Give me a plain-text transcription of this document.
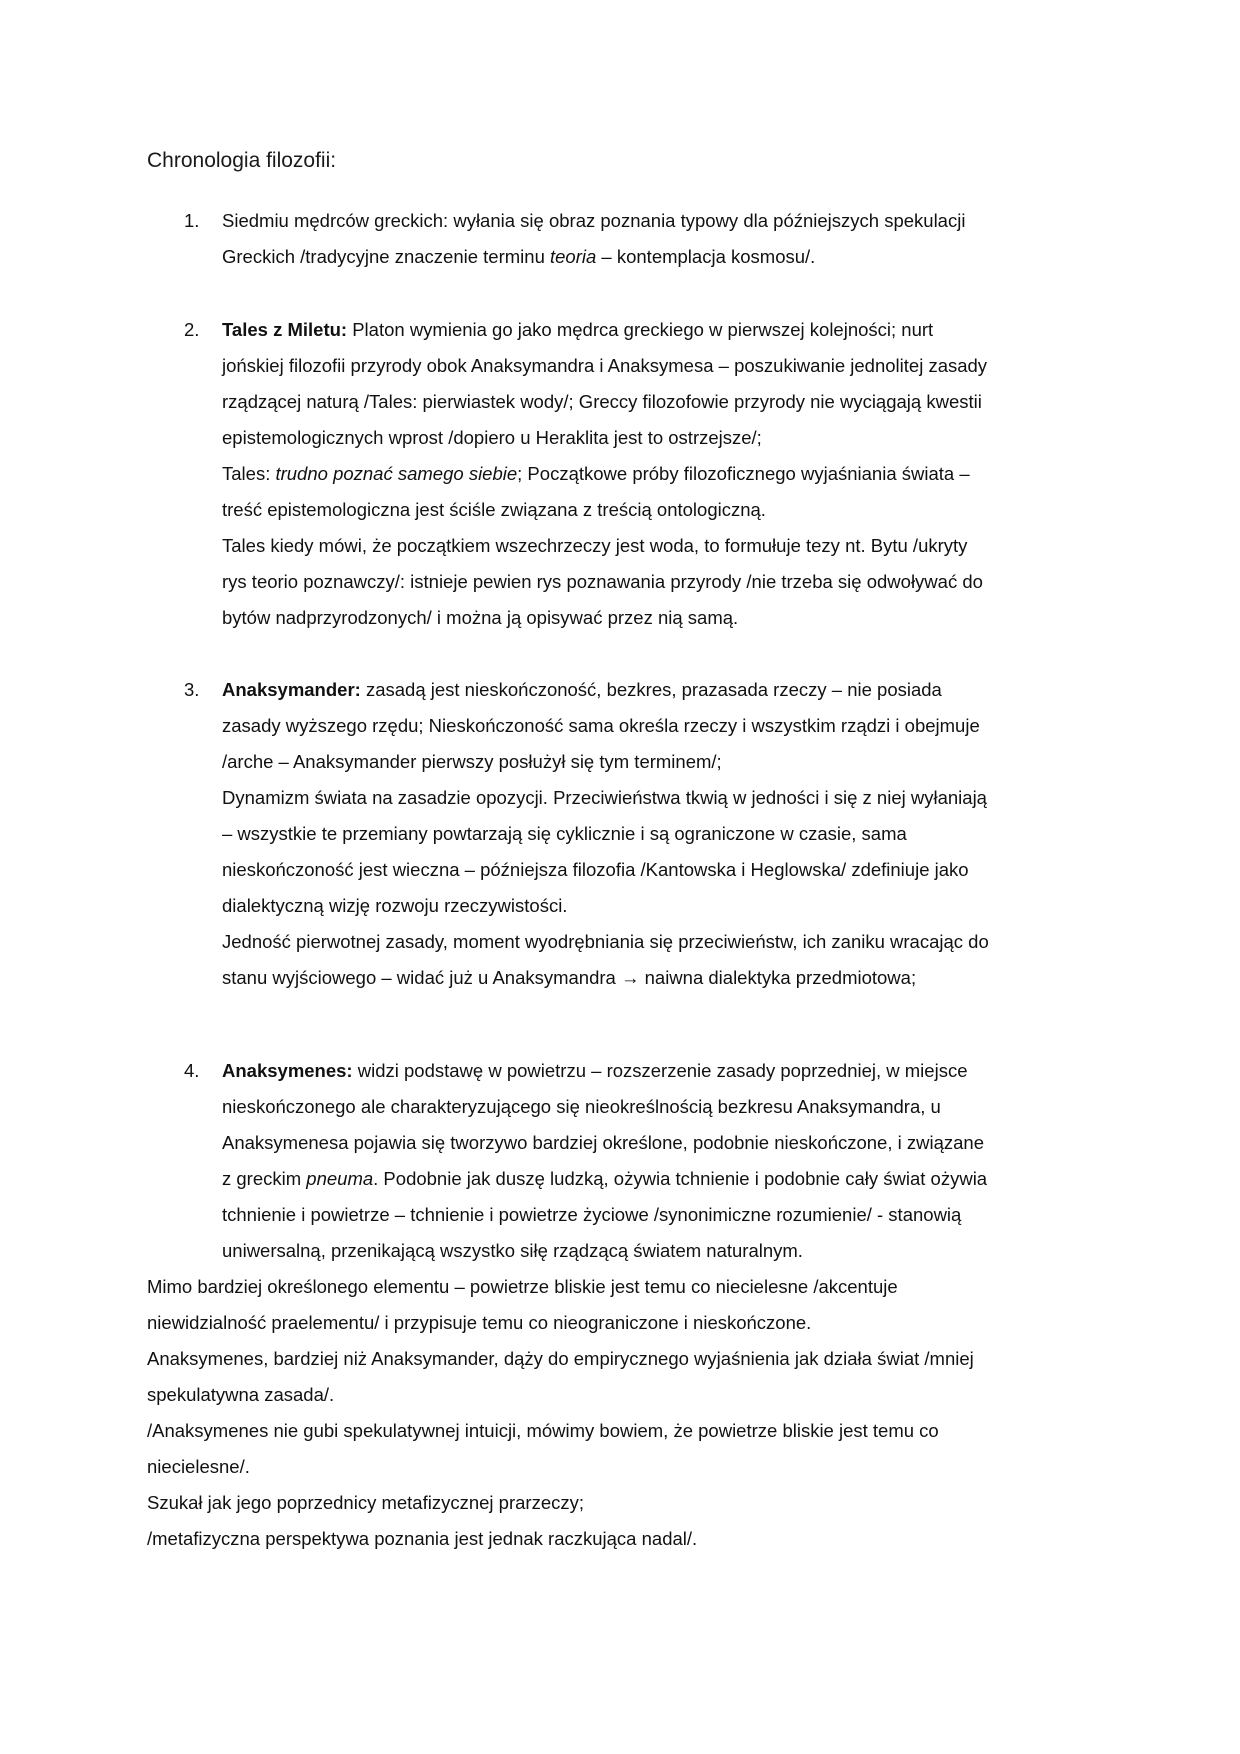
Chronologia filozofii:
1. Siedmiu mędrców greckich: wyłania się obraz poznania typowy dla późniejszych spekulacji
Greckich /tradycyjne znaczenie terminu teoria – kontemplacja kosmosu/.
2. Tales z Miletu: Platon wymienia go jako mędrca greckiego w pierwszej kolejności; nurt
jońskiej filozofii przyrody obok Anaksymandra i Anaksymesa – poszukiwanie jednolitej zasady
rządzącej naturą /Tales: pierwiastek wody/; Greccy filozofowie przyrody nie wyciągają kwestii
epistemologicznych wprost /dopiero u Heraklita jest to ostrzejsze/;
Tales: trudno poznać samego siebie; Początkowe próby filozoficznego wyjaśniania świata –
treść epistemologiczna jest ściśle związana z treścią ontologiczną.
Tales kiedy mówi, że początkiem wszechrzeczy jest woda, to formułuje tezy nt. Bytu /ukryty
rys teorio poznawczy/: istnieje pewien rys poznawania przyrody /nie trzeba się odwoływać do
bytów nadprzyrodzonych/ i można ją opisywać przez nią samą.
3. Anaksymander: zasadą jest nieskończoność, bezkres, prazasada rzeczy – nie posiada
zasady wyższego rzędu; Nieskończoność sama określa rzeczy i wszystkim rządzi i obejmuje
/arche – Anaksymander pierwszy posłużył się tym terminem/;
Dynamizm świata na zasadzie opozycji. Przeciwieństwa tkwią w jedności i się z niej wyłaniają
– wszystkie te przemiany powtarzają się cyklicznie i są ograniczone w czasie, sama
nieskończoność jest wieczna – późniejsza filozofia /Kantowska i Heglowska/ zdefiniuje jako
dialektyczną wizję rozwoju rzeczywistości.
Jedność pierwotnej zasady, moment wyodrębniania się przeciwieństw, ich zaniku wracając do
stanu wyjściowego – widać już u Anaksymandra → naiwna dialektyka przedmiotowa;
4. Anaksymenes: widzi podstawę w powietrzu – rozszerzenie zasady poprzedniej, w miejsce
nieskończonego ale charakteryzującego się nieokreślnością bezkresu Anaksymandra, u
Anaksymenesa pojawia się tworzywo bardziej określone, podobnie nieskończone, i związane
z greckim pneuma. Podobnie jak duszę ludzką, ożywia tchnienie i podobnie cały świat ożywia
tchnienie i powietrze – tchnienie i powietrze życiowe /synonimiczne rozumienie/ - stanowią
uniwersalną, przenikającą wszystko siłę rządzącą światem naturalnym.
Mimo bardziej określonego elementu – powietrze bliskie jest temu co niecielesne /akcentuje
niewidzialność praelementu/ i przypisuje temu co nieograniczone i nieskończone.
Anaksymenes, bardziej niż Anaksymander, dąży do empirycznego wyjaśnienia jak działa świat /mniej
spekulatywna zasada/.
/Anaksymenes nie gubi spekulatywnej intuicji, mówimy bowiem, że powietrze bliskie jest temu co
niecielesne/.
Szukał jak jego poprzednicy metafizycznej prarzeczy;
/metafizyczna perspektywa poznania jest jednak raczkująca nadal/.
